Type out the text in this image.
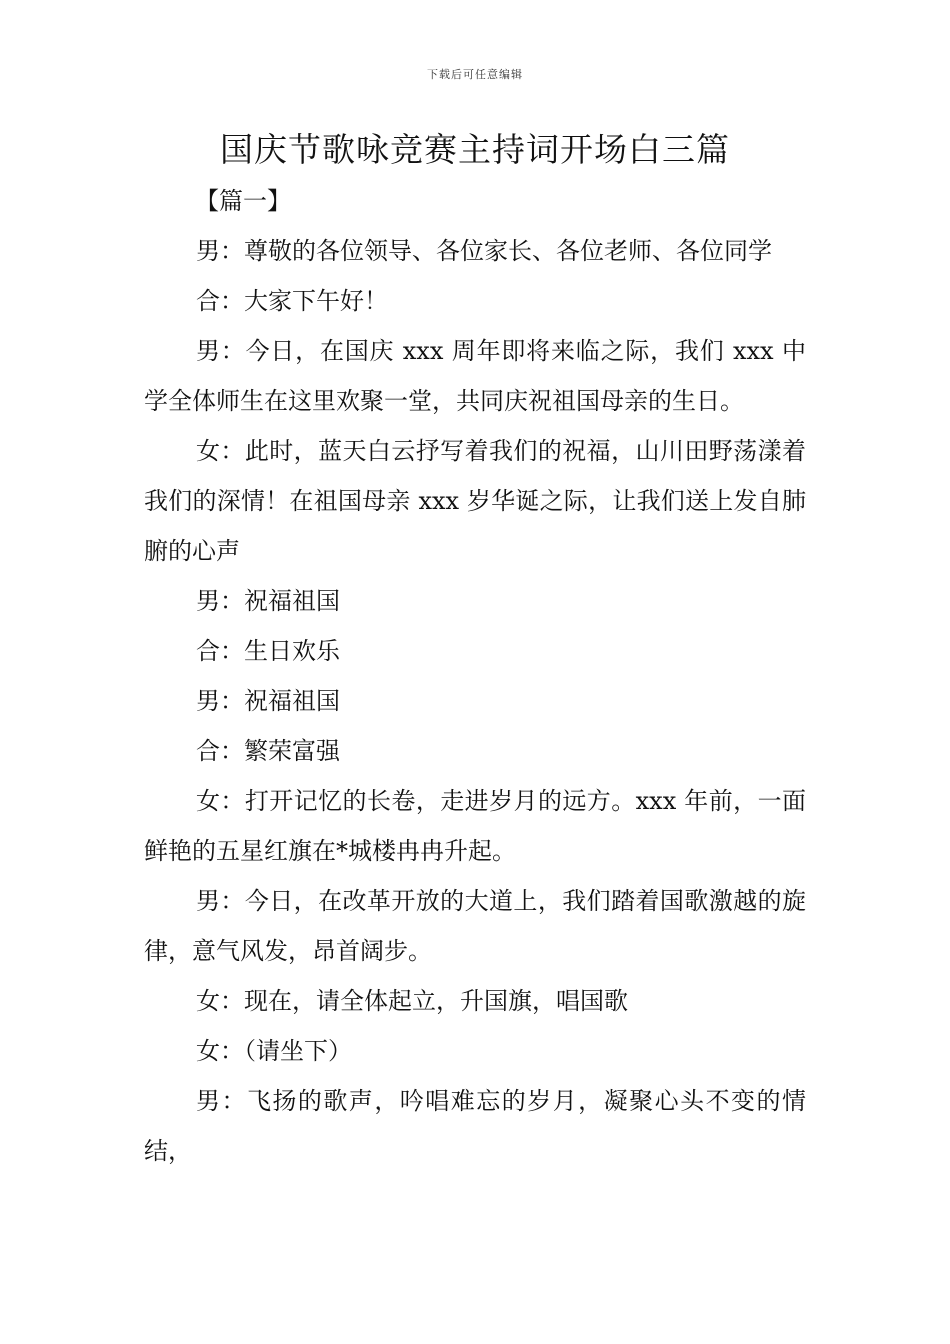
下载后可任意编辑
国庆节歌咏竞赛主持词开场白三篇
【篇一】

男：尊敬的各位领导、各位家长、各位老师、各位同学

合：大家下午好！

男：今日，在国庆 xxx 周年即将来临之际，我们 xxx 中学全体师生在这里欢聚一堂，共同庆祝祖国母亲的生日。

女：此时，蓝天白云抒写着我们的祝福，山川田野荡漾着我们的深情！在祖国母亲 xxx 岁华诞之际，让我们送上发自肺腑的心声

男：祝福祖国

合：生日欢乐

男：祝福祖国

合：繁荣富强

女：打开记忆的长卷，走进岁月的远方。xxx 年前，一面鲜艳的五星红旗在*城楼冉冉升起。

男：今日，在改革开放的大道上，我们踏着国歌激越的旋律，意气风发，昂首阔步。

女：现在，请全体起立，升国旗，唱国歌

女：（请坐下）

男：飞扬的歌声，吟唱难忘的岁月，凝聚心头不变的情结，
